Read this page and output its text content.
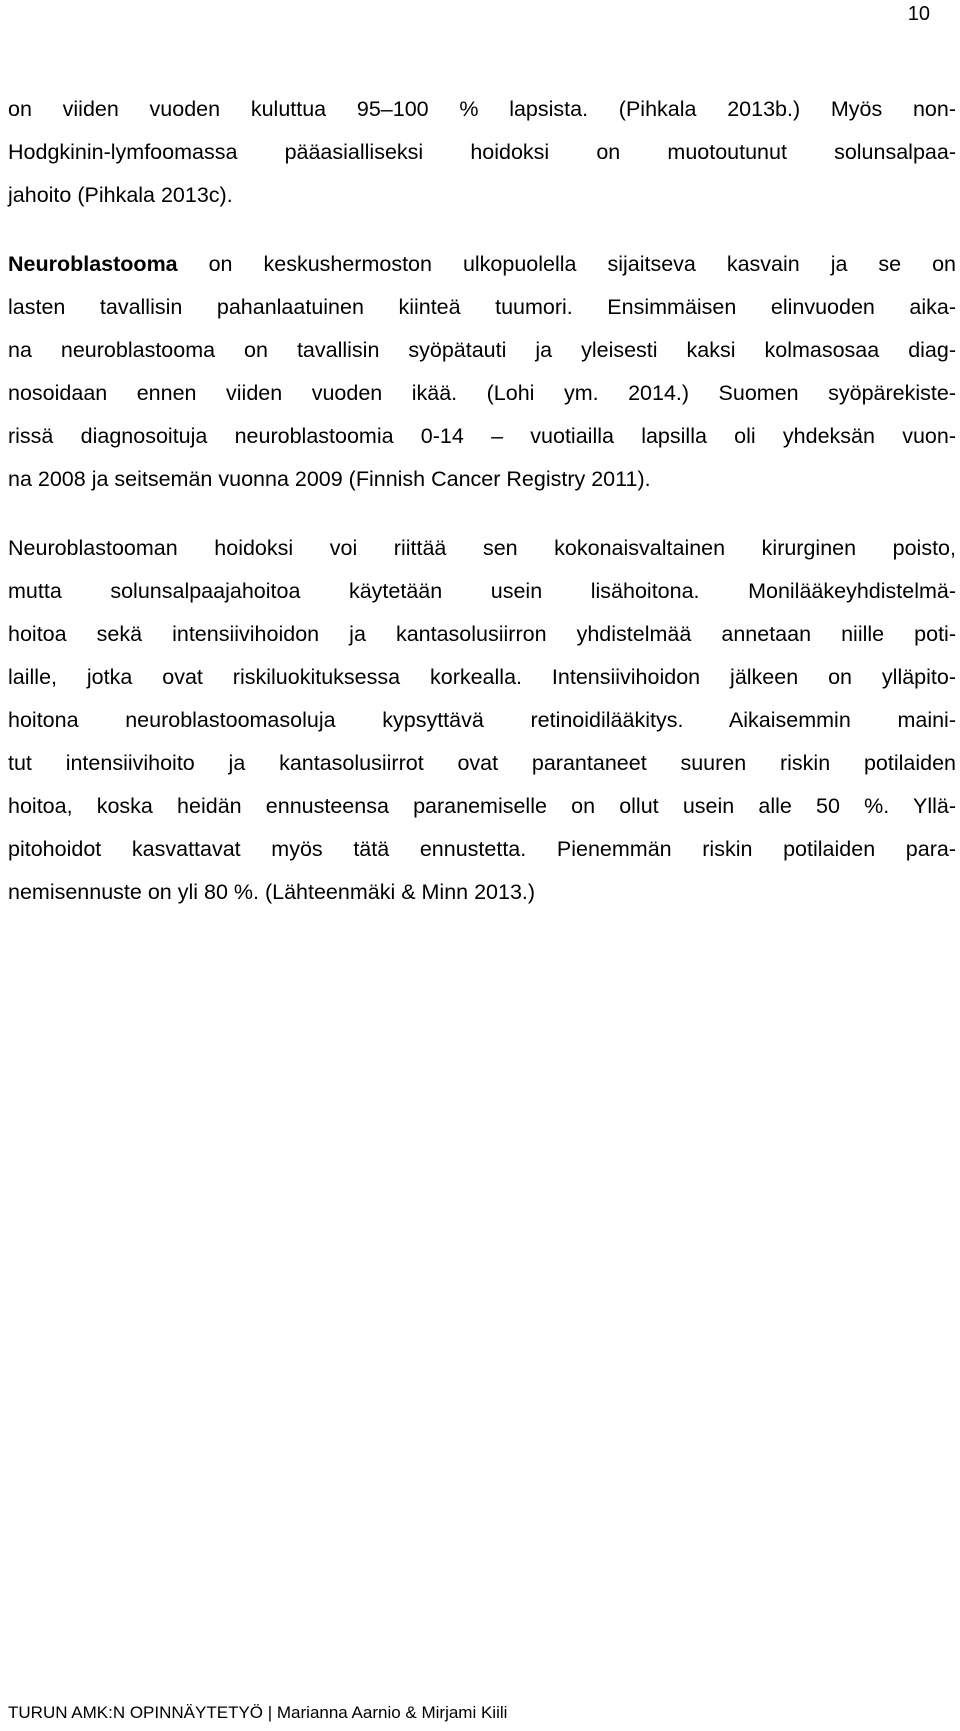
10
on viiden vuoden kuluttua 95–100 % lapsista. (Pihkala 2013b.) Myös non-
Hodgkinin-lymfoomassa pääasialliseksi hoidoksi on muotoutunut solunsalpaa-
jahoito (Pihkala 2013c).
Neuroblastooma on keskushermoston ulkopuolella sijaitseva kasvain ja se on
lasten tavallisin pahanlaatuinen kiinteä tuumori. Ensimmäisen elinvuoden aika-
na neuroblastooma on tavallisin syöpätauti ja yleisesti kaksi kolmasosaa diag-
nosoidaan ennen viiden vuoden ikää. (Lohi ym. 2014.) Suomen syöpärekiste-
rissä diagnosoituja neuroblastoomia 0-14 – vuotiailla lapsilla oli yhdeksän vuon-
na 2008 ja seitsemän vuonna 2009 (Finnish Cancer Registry 2011).
Neuroblastooman hoidoksi voi riittää sen kokonaisvaltainen kirurginen poisto,
mutta solunsalpaajahoitoa käytetään usein lisähoitona. Monilääkeyhdistelmä-
hoitoa sekä intensiivihoidon ja kantasolusiirron yhdistelmää annetaan niille poti-
laille, jotka ovat riskiluokituksessa korkealla. Intensiivihoidon jälkeen on ylläpito-
hoitona neuroblastoomasoluja kypsyttävä retinoidilääkitys. Aikaisemmin maini-
tut intensiivihoito ja kantasolusiirrot ovat parantaneet suuren riskin potilaiden
hoitoa, koska heidän ennusteensa paranemiselle on ollut usein alle 50 %. Yllä-
pitohoidot kasvattavat myös tätä ennustetta. Pienemmän riskin potilaiden para-
nemisennuste on yli 80 %. (Lähteenmäki & Minn 2013.)
TURUN AMK:N OPINNÄYTETYÖ | Marianna Aarnio & Mirjami Kiili
